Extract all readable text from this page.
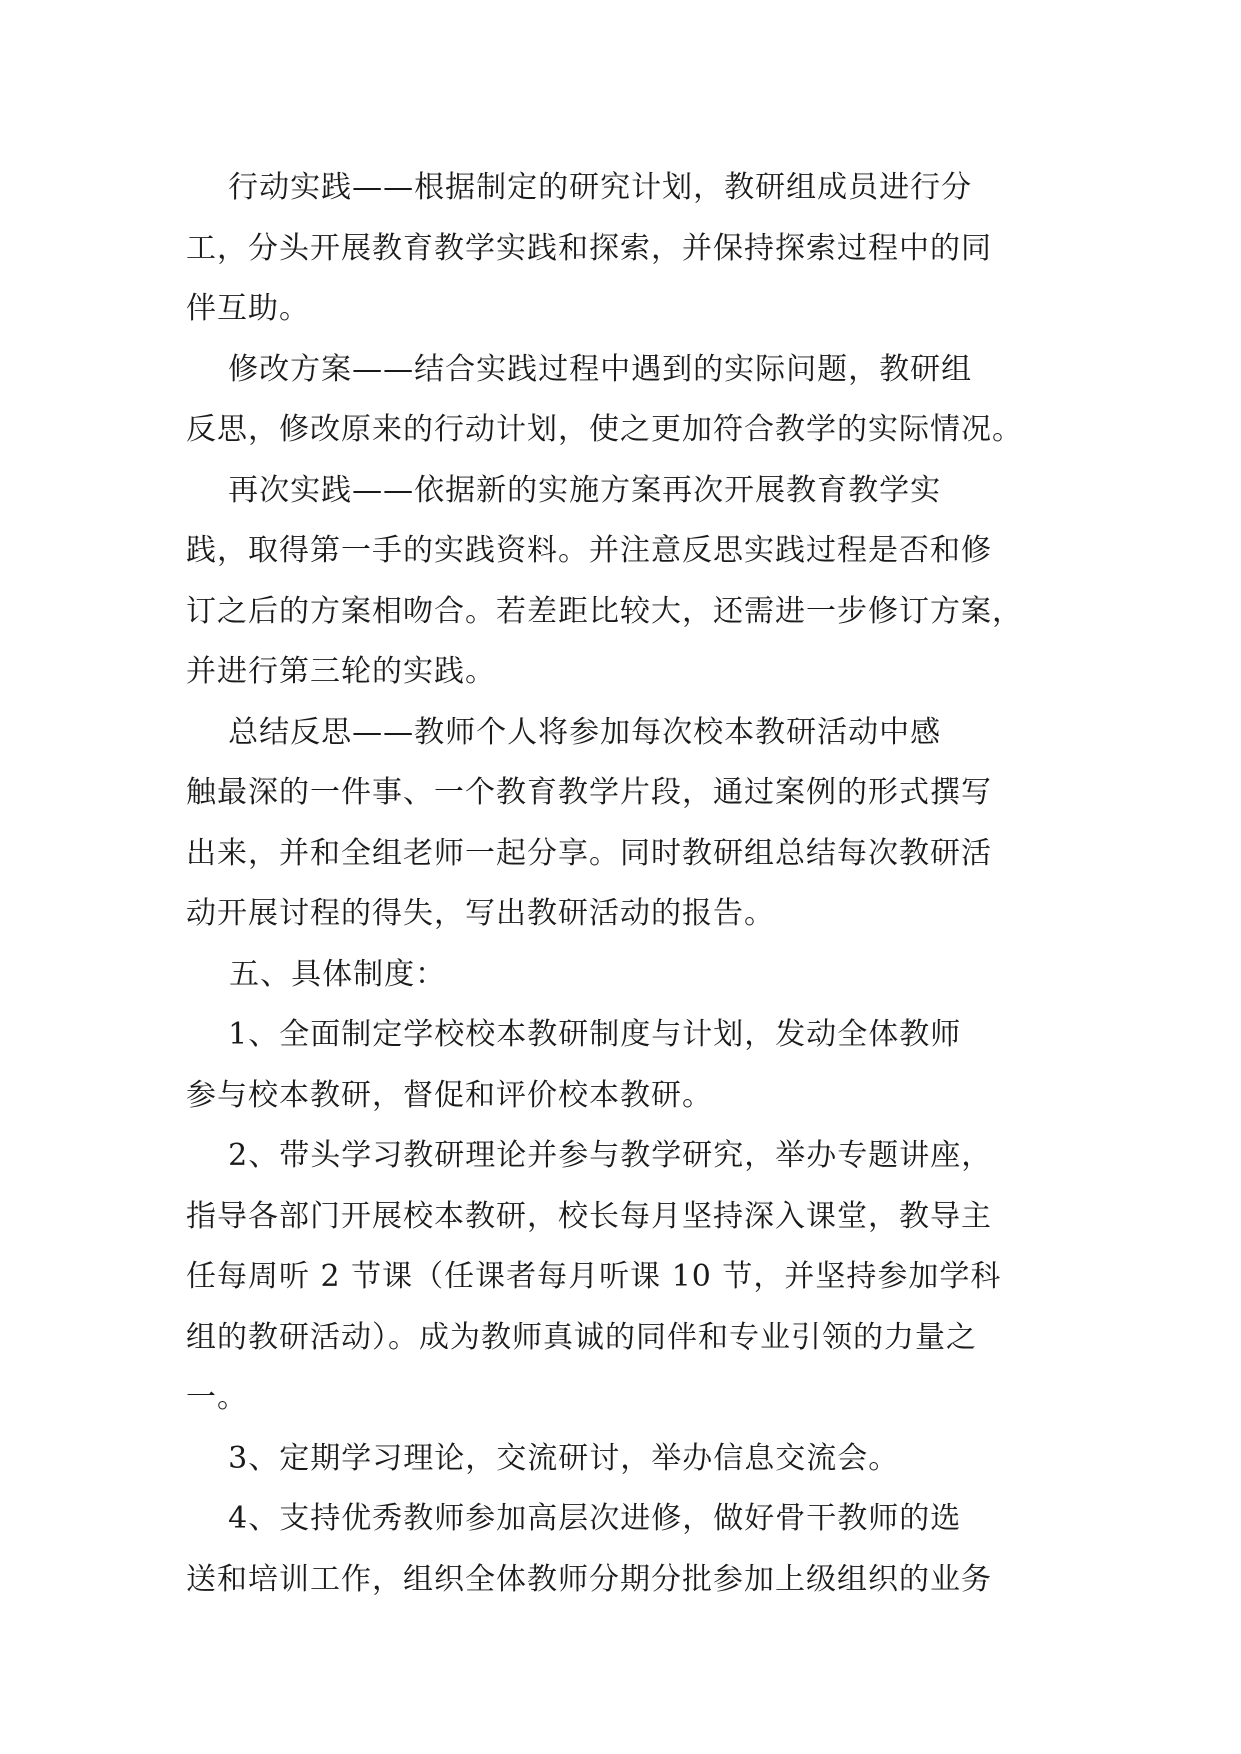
行动实践——根据制定的研究计划，教研组成员进行分
工，分头开展教育教学实践和探索，并保持探索过程中的同
伴互助。
修改方案——结合实践过程中遇到的实际问题，教研组
反思，修改原来的行动计划，使之更加符合教学的实际情况。
再次实践——依据新的实施方案再次开展教育教学实
践，取得第一手的实践资料。并注意反思实践过程是否和修
订之后的方案相吻合。若差距比较大，还需进一步修订方案，
并进行第三轮的实践。
总结反思——教师个人将参加每次校本教研活动中感
触最深的一件事、一个教育教学片段，通过案例的形式撰写
出来，并和全组老师一起分享。同时教研组总结每次教研活
动开展讨程的得失，写出教研活动的报告。
五、具体制度：
1、全面制定学校校本教研制度与计划，发动全体教师
参与校本教研，督促和评价校本教研。
2、带头学习教研理论并参与教学研究，举办专题讲座，
指导各部门开展校本教研，校长每月坚持深入课堂，教导主
任每周听 2 节课（任课者每月听课 10 节，并坚持参加学科
组的教研活动）。成为教师真诚的同伴和专业引领的力量之
一。
3、定期学习理论，交流研讨，举办信息交流会。
4、支持优秀教师参加高层次进修，做好骨干教师的选
送和培训工作，组织全体教师分期分批参加上级组织的业务
